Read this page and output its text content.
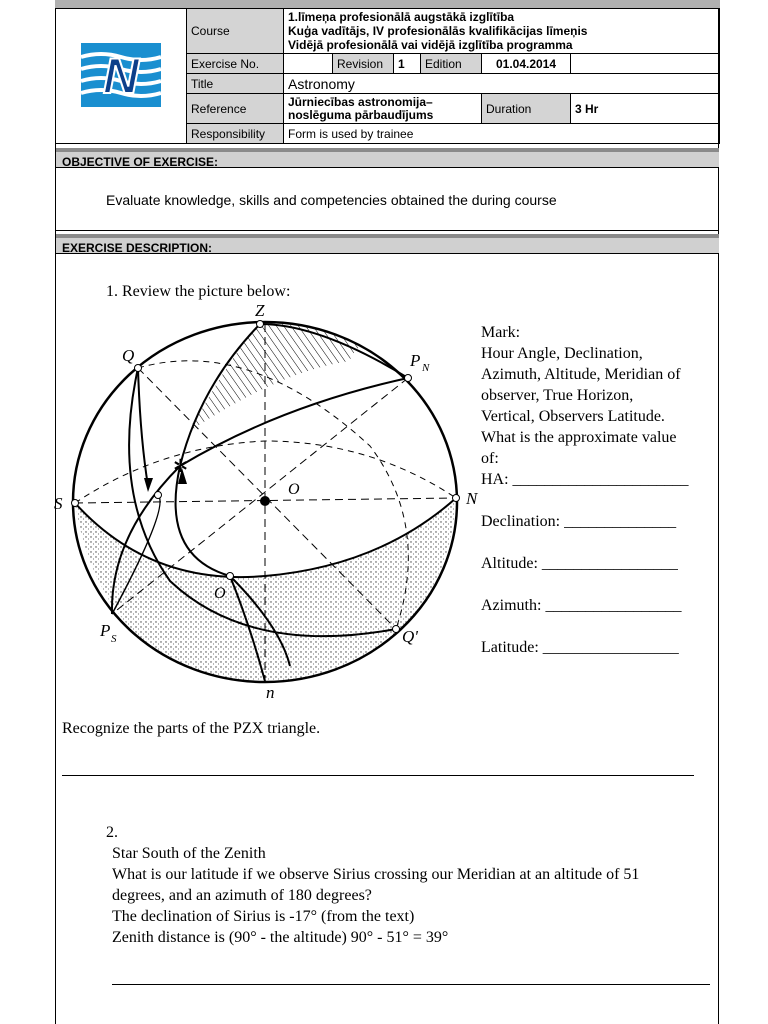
N	Course	1.līmeņa profesionālā augstākā izglītība
Kuģa vadītājs, IV profesionālās kvalifikācijas līmeņis
Vidējā profesionālā vai vidējā izglītība programma					

	Exercise No.		Revision	1	Edition	01.04.2014	
	Title	Astronomy					
	Reference	Jūrniecības astronomija– noslēguma pārbaudījums				Duration	3 Hr
	Responsibility	Form is used by trainee					
OBJECTIVE OF EXERCISE:
Evaluate knowledge, skills and competencies obtained the during course
EXERCISE DESCRIPTION:
1. Review the picture below:
✲
Z
Q	P N
S	N
O
O
P S	Q'
n
Mark:
Hour Angle, Declination,
Azimuth, Altitude, Meridian of
observer, True Horizon,
Vertical, Observers Latitude.
What is the approximate value
of:
HA: ______________________
Declination: ______________
Altitude: _________________
Azimuth: _________________
Latitude: _________________
Recognize the parts of the PZX triangle.
2.
Star South of the Zenith
What is our latitude if we observe Sirius crossing our Meridian at an altitude of 51
degrees, and an azimuth of 180 degrees?
The declination of Sirius is -17° (from the text)
Zenith distance is (90° - the altitude) 90° - 51° = 39°
